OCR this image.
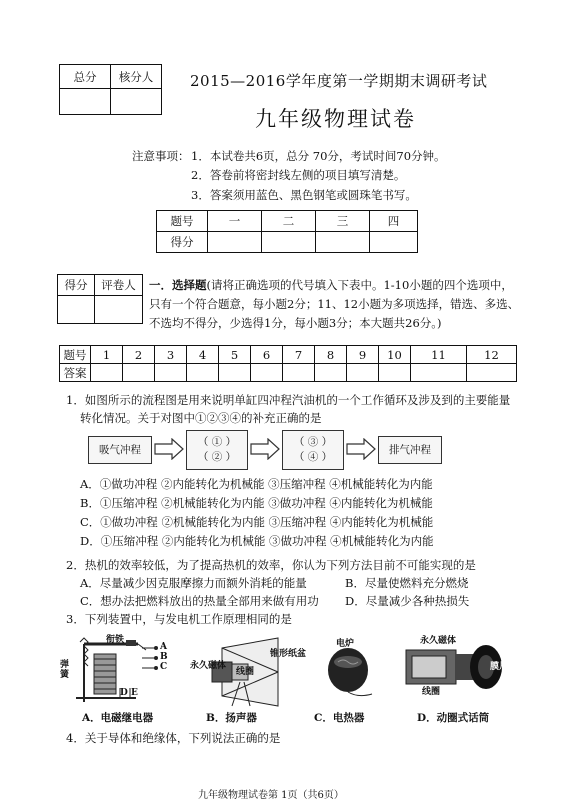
总分	核分人
	2015—2016学年度第一学期期末调研考试
九年级物理试卷
注意事项： 1．本试卷共6页，总分 70分，考试时间70分钟。
2．答卷前将密封线左侧的项目填写清楚。
3．答案须用蓝色、黑色钢笔或圆珠笔书写。
题号	一	二	三	四
得分				
得分	评卷人
	一．选择题(请将正确选项的代号填入下表中。1-10小题的四个选项中，
只有一个符合题意，每小题2分；11、12小题为多项选择，错选、多选、
不选均不得分，少选得1分，每小题3分；本大题共26分。)
题号	1	2	3	4	5	6	7	8	9	10	11	12
答案												
1．如图所示的流程图是用来说明单缸四冲程汽油机的一个工作循环及涉及到的主要能量
转化情况。关于对图中①②③④的补充正确的是
吸气冲程
（ ① ）
（ ② ）
（ ③ ）
（ ④ ）
排气冲程
A．①做功冲程 ②内能转化为机械能 ③压缩冲程 ④机械能转化为内能
B．①压缩冲程 ②机械能转化为内能 ③做功冲程 ④内能转化为机械能
C．①做功冲程 ②机械能转化为内能 ③压缩冲程 ④内能转化为机械能
D．①压缩冲程 ②内能转化为机械能 ③做功冲程 ④机械能转化为内能
2．热机的效率较低，为了提高热机的效率，你认为下列方法目前不可能实现的是
A．尽量减少因克服摩擦力而额外消耗的能量	B．尽量使燃料充分燃烧
C．想办法把燃料放出的热量全部用来做有用功 D．尽量减少各种热损失
3．下列装置中，与发电机工作原理相同的是
衔铁
弹簧
A
B
C
D E
永久磁体
锥形纸盆
线圈
电炉	永久磁体
膜片
线圈
A．电磁继电器	B．扬声器	C．电热器	D．动圈式话筒
4．关于导体和绝缘体，下列说法正确的是
九年级物理试卷第 1页（共6页）
